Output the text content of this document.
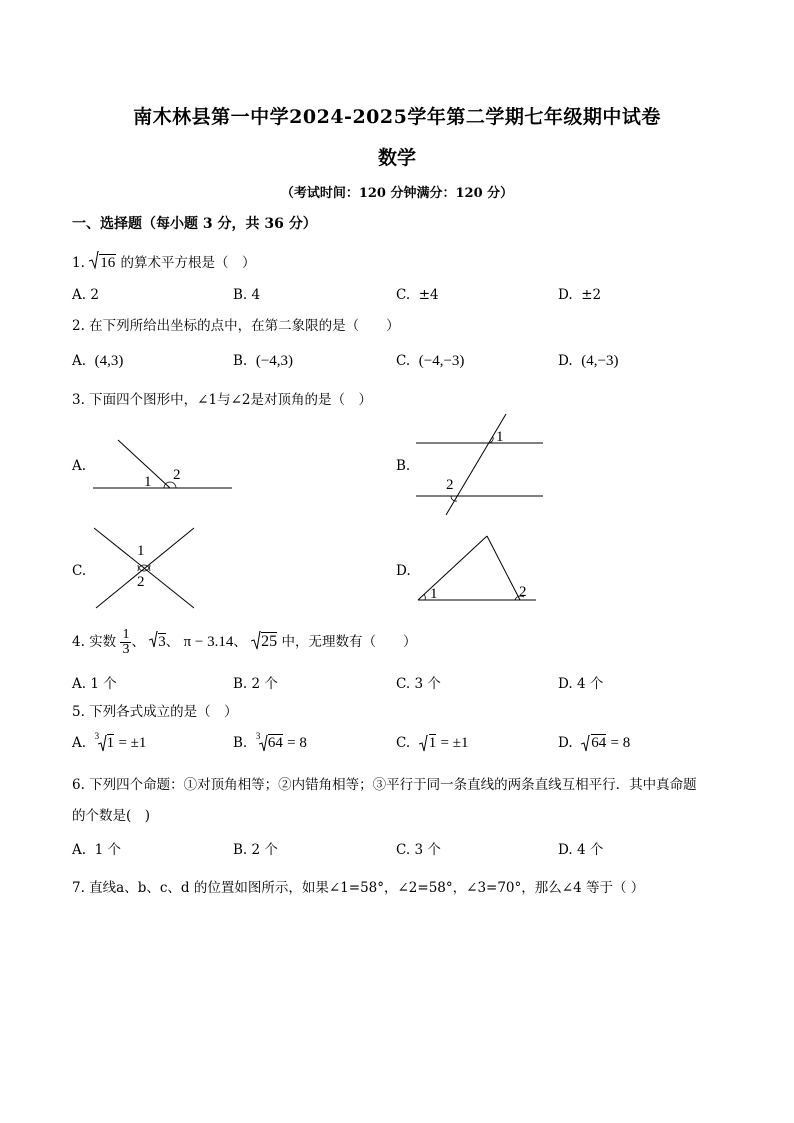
南木林县第一中学2024-2025学年第二学期七年级期中试卷
数学
（考试时间：120 分钟满分：120 分）
一、选择题（每小题 3 分，共 36 分）
1. 16 的算术平方根是（　）
A. 2	B. 4	C. ±4	D. ±2
2. 在下列所给出坐标的点中，在第二象限的是（　　）
A. (4,3)	B. (−4,3)	C. (−4,−3)	D. (4,−3)
3. 下面四个图形中，∠1与∠2是对顶角的是（　）
A.
1 2
B.
1
2
C.
1
2
D.
1	2
4. 实数 $\frac{1}{3}$ 、 3、 π − 3.14、 25 中，无理数有（　　）
A. 1 个	B. 2 个	C. 3 个	D. 4 个
5. 下列各式成立的是（　）
A. 3 1 = ±1	B. 3 64 = 8	C. 1 = ±1	D. 64 = 8
6. 下列四个命题：①对顶角相等；②内错角相等；③平行于同一条直线的两条直线互相平行．其中真命题
的个数是(　)
A. 1 个	B. 2 个	C. 3 个	D. 4 个
7. 直线a、b、c、d 的位置如图所示，如果∠1=58°，∠2=58°，∠3=70°，那么∠4 等于（ ）
